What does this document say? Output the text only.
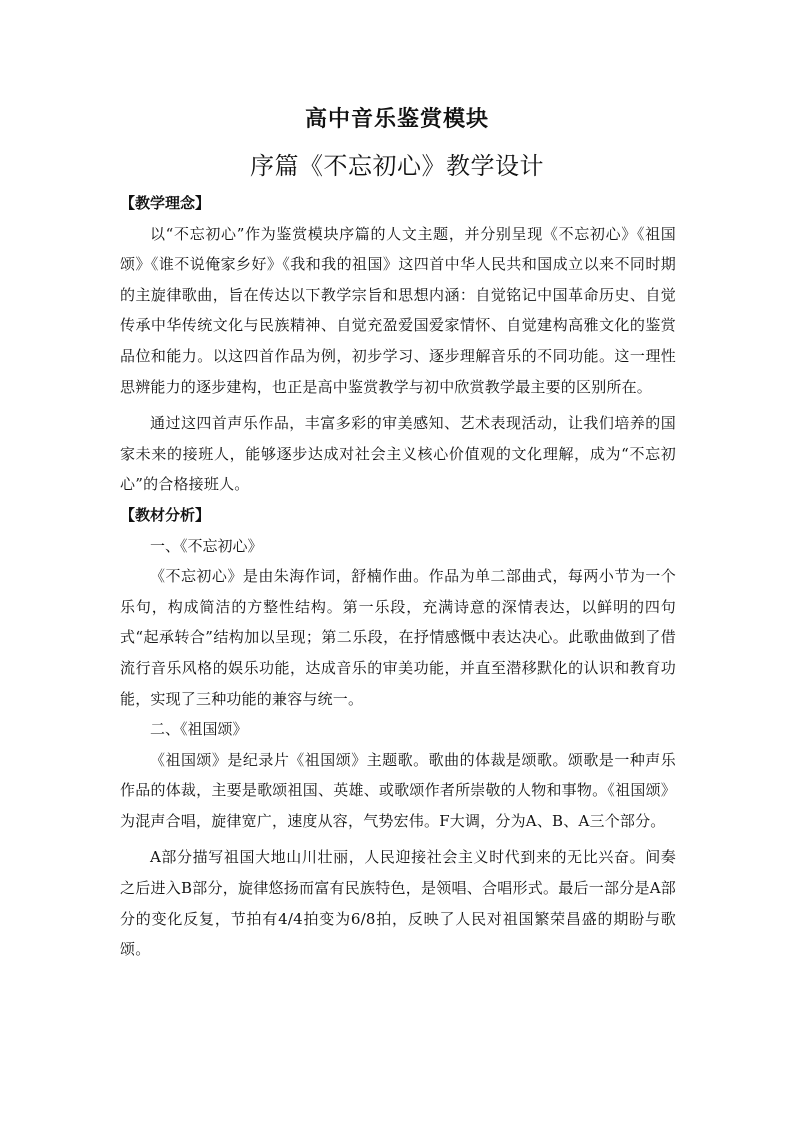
高中音乐鉴赏模块
序篇《不忘初心》教学设计

【教学理念】

以“不忘初心”作为鉴赏模块序篇的人文主题，并分别呈现《不忘初心》《祖国颂》《谁不说俺家乡好》《我和我的祖国》这四首中华人民共和国成立以来不同时期的主旋律歌曲，旨在传达以下教学宗旨和思想内涵：自觉铭记中国革命历史、自觉传承中华传统文化与民族精神、自觉充盈爱国爱家情怀、自觉建构高雅文化的鉴赏品位和能力。以这四首作品为例，初步学习、逐步理解音乐的不同功能。这一理性思辨能力的逐步建构，也正是高中鉴赏教学与初中欣赏教学最主要的区别所在。

通过这四首声乐作品，丰富多彩的审美感知、艺术表现活动，让我们培养的国家未来的接班人，能够逐步达成对社会主义核心价值观的文化理解，成为“不忘初心”的合格接班人。

【教材分析】

一、《不忘初心》

《不忘初心》是由朱海作词，舒楠作曲。作品为单二部曲式，每两小节为一个乐句，构成简洁的方整性结构。第一乐段，充满诗意的深情表达，以鲜明的四句式“起承转合”结构加以呈现；第二乐段，在抒情感慨中表达决心。此歌曲做到了借流行音乐风格的娱乐功能，达成音乐的审美功能，并直至潜移默化的认识和教育功能，实现了三种功能的兼容与统一。

二、《祖国颂》

《祖国颂》是纪录片《祖国颂》主题歌。歌曲的体裁是颂歌。颂歌是一种声乐作品的体裁，主要是歌颂祖国、英雄、或歌颂作者所崇敬的人物和事物。《祖国颂》为混声合唱，旋律宽广，速度从容，气势宏伟。F大调，分为A、B、A三个部分。

A部分描写祖国大地山川壮丽，人民迎接社会主义时代到来的无比兴奋。间奏之后进入B部分，旋律悠扬而富有民族特色，是领唱、合唱形式。最后一部分是A部分的变化反复，节拍有4/4拍变为6/8拍，反映了人民对祖国繁荣昌盛的期盼与歌颂。
